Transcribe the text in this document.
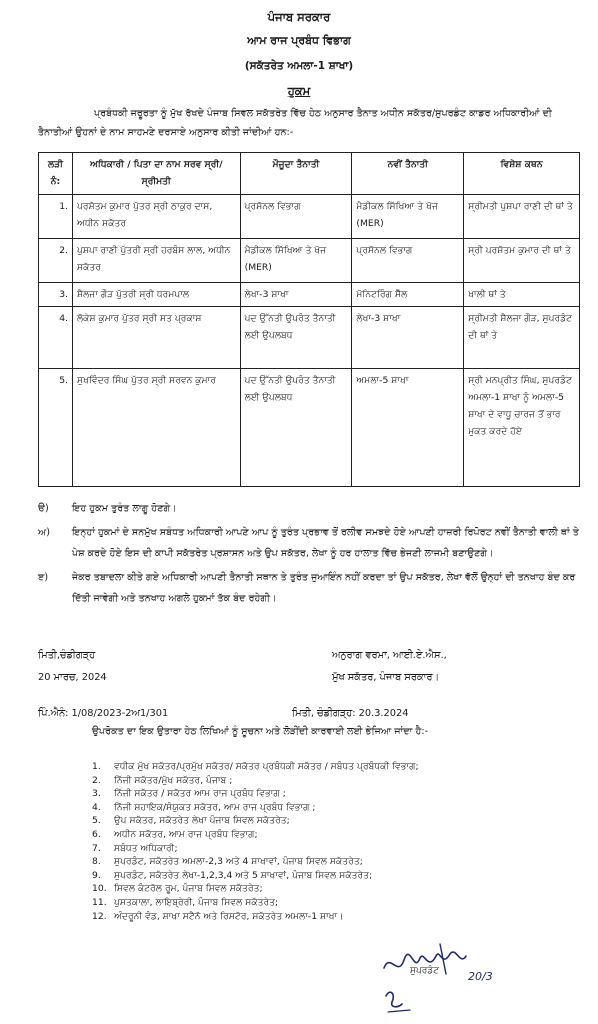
ਪੰਜਾਬ ਸਰਕਾਰ
ਆਮ ਰਾਜ ਪ੍ਰਬੰਧ ਵਿਭਾਗ
(ਸਕੱਤਰੇਤ ਅਮਲਾ-1 ਸ਼ਾਖਾ)
ਹੁਕਮ

ਪ੍ਰਬੰਧਕੀ ਜਰੂਰਤਾ ਨੂੰ ਮੁੱਖ ਰੱਖਦੇ ਪੰਜਾਬ ਸਿਵਲ ਸਕੱਤਰੇਤ ਵਿੱਚ ਹੇਠ ਅਨੁਸਾਰ ਤੈਨਾਤ ਅਧੀਨ ਸਕੱਤਰ/ਸੁਪਰਡੰਟ ਕਾਡਰ ਅਧਿਕਾਰੀਆਂ ਦੀ ਤੈਨਾਤੀਆਂ ਉਹਨਾਂ ਦੇ ਨਾਮ ਸਾਹਮਣੇ ਦਰਸਾਏ ਅਨੁਸਾਰ ਕੀਤੀ ਜਾਂਦੀਆਂ ਹਨ:-

ਲੜੀ ਨੰ:	ਅਧਿਕਾਰੀ / ਪਿਤਾ ਦਾ ਨਾਮ ਸਰਵ ਸ੍ਰੀ/ਸ੍ਰੀਮਤੀ	ਮੌਜੂਦਾ ਤੈਨਾਤੀ	ਨਵੀਂ ਤੈਨਾਤੀ	ਵਿਸ਼ੇਸ਼ ਕਥਨ
1.	ਪਰਸ਼ੋਤਮ ਕੁਮਾਰ ਪੁੱਤਰ ਸ੍ਰੀ ਠਾਕੁਰ ਦਾਸ, ਅਧੀਨ ਸਕੱਤਰ	ਪ੍ਰਸੋਨਲ ਵਿਭਾਗ	ਮੈਡੀਕਲ ਸਿੱਖਿਆ ਤੇ ਖੋਜ (MER)	ਸ੍ਰੀਮਤੀ ਪੁਸ਼ਪਾ ਰਾਣੀ ਦੀ ਥਾਂ ਤੇ
2.	ਪੁਸ਼ਪਾ ਰਾਣੀ ਪੁੱਤਰੀ ਸ੍ਰੀ ਹਰਬੰਸ ਲਾਲ, ਅਧੀਨ ਸਕੱਤਰ	ਮੈਡੀਕਲ ਸਿੱਖਿਆ ਤੇ ਖੋਜ (MER)	ਪ੍ਰਸੋਨਲ ਵਿਭਾਗ	ਸ੍ਰੀ ਪਰਸ਼ੋਤਮ ਕੁਮਾਰ ਦੀ ਥਾਂ ਤੇ
3.	ਸ਼ੈਲਜਾ ਗੌੜ ਪੁੱਤਰੀ ਸ੍ਰੀ ਧਰਮਪਾਲ	ਲੇਖਾ-3 ਸ਼ਾਖਾ	ਮੋਨਿਟਰਿੰਗ ਸੈੱਲ	ਖਾਲੀ ਥਾਂ ਤੇ
4.	ਲੋਕੇਸ਼ ਕੁਮਾਰ ਪੁੱਤਰ ਸ੍ਰੀ ਸਤ ਪ੍ਰਕਾਸ਼	ਪਦ ਉੱਨਤੀ ਉਪਰੰਤ ਤੈਨਾਤੀ ਲਈ ਉਪਲਬਧ	ਲੇਖਾ-3 ਸ਼ਾਖਾ	ਸ੍ਰੀਮਤੀ ਸ਼ੈਲਜਾ ਗੌੜ, ਸੁਪਰਡੰਟ ਦੀ ਥਾਂ ਤੇ
5.	ਸੁਖਵਿੰਦਰ ਸਿੰਘ ਪੁੱਤਰ ਸ੍ਰੀ ਸਰਵਨ ਕੁਮਾਰ	ਪਦ ਉੱਨਤੀ ਉਪਰੰਤ ਤੈਨਾਤੀ ਲਈ ਉਪਲਬਧ	ਅਮਲਾ-5 ਸ਼ਾਖਾ	ਸ੍ਰੀ ਮਨਪ੍ਰੀਤ ਸਿੰਘ, ਸੁਪਰਡੰਟ ਅਮਲਾ-1 ਸ਼ਾਖਾ ਨੂੰ ਅਮਲਾ-5 ਸ਼ਾਖਾ ਦੇ ਵਾਧੂ ਚਾਰਜ ਤੋਂ ਭਾਰ ਮੁਕਤ ਕਰਦੇ ਹੋਏ
ੳ)	ਇਹ ਹੁਕਮ ਤੁਰੰਤ ਲਾਗੂ ਹੋਣਗੇ।
ਅ)	ਇਨ੍ਹਾਂ ਹੁਕਮਾਂ ਦੇ ਸਨਮੁੱਖ ਸਬੰਧਤ ਅਧਿਕਾਰੀ ਆਪਣੇ ਆਪ ਨੂੰ ਤੁਰੰਤ ਪ੍ਰਭਾਵ ਤੋਂ ਰਲੀਵ ਸਮਝਦੇ ਹੋਏ ਆਪਣੀ ਹਾਜ਼ਰੀ ਰਿਪੋਰਟ ਨਵੀਂ ਤੈਨਾਤੀ ਵਾਲੀ ਥਾਂ ਤੇ ਪੇਸ਼ ਕਰਦੇ ਹੋਏ ਇਸ ਦੀ ਕਾਪੀ ਸਕੱਤਰੇਤ ਪ੍ਰਸ਼ਾਸਨ ਅਤੇ ਉਪ ਸਕੱਤਰ, ਲੇਖਾ ਨੂੰ ਹਰ ਹਾਲਾਤ ਵਿੱਚ ਭੇਜਣੀ ਲਾਜਮੀ ਬਣਾਉਣਗੇ।
ੲ)	ਜੇਕਰ ਤਬਾਦਲਾ ਕੀਤੇ ਗਏ ਅਧਿਕਾਰੀ ਆਪਣੀ ਤੈਨਾਤੀ ਸਥਾਨ ਤੇ ਤੁਰੰਤ ਜੁਆਇੰਨ ਨਹੀਂ ਕਰਦਾ ਤਾਂ ਉਪ ਸਕੱਤਰ, ਲੇਖਾ ਵੱਲੋਂ ਉਨ੍ਹਾਂ ਦੀ ਤਨਖਾਹ ਬੰਦ ਕਰ ਦਿੱਤੀ ਜਾਵੇਗੀ ਅਤੇ ਤਨਖਾਹ ਅਗਲੇ ਹੁਕਮਾਂ ਤੱਕ ਬੰਦ ਰਹੇਗੀ।
ਮਿਤੀ,ਚੰਡੀਗੜ੍ਹ
20 ਮਾਰਚ, 2024
ਅਨੁਰਾਗ ਵਰਮਾ, ਆਈ.ਏ.ਐਸ.,
ਮੁੱਖ ਸਕੱਤਰ, ਪੰਜਾਬ ਸਰਕਾਰ।
ਪਿੰ.ਐਨੰ: 1/08/2023-2ਅ1/301	ਮਿਤੀ, ਚੰਡੀਗੜ੍ਹ: 20.3.2024
ਉਪਰੋਕਤ ਦਾ ਇਕ ਉਤਾਰਾ ਹੇਠ ਲਿਖਿਆਂ ਨੂੰ ਸੂਚਨਾ ਅਤੇ ਲੋੜੀਂਦੀ ਕਾਰਵਾਈ ਲਈ ਭੇਜਿਆ ਜਾਂਦਾ ਹੈ:-
1.	ਵਧੀਕ ਮੁੱਖ ਸਕੱਤਰ/ਪ੍ਰਮੁੱਖ ਸਕੱਤਰ/ ਸਕੱਤਰ ਪ੍ਰਬੰਧਕੀ ਸਕੱਤਰ / ਸਬੰਧਤ ਪ੍ਰਬੰਧਕੀ ਵਿਭਾਗ;
2.	ਨਿੱਜੀ ਸਕੱਤਰ/ਮੁੱਖ ਸਕੱਤਰ, ਪੰਜਾਬ ;
3.	ਨਿੱਜੀ ਸਕੱਤਰ / ਸਕੱਤਰ ਆਮ ਰਾਜ ਪ੍ਰਬੰਧ ਵਿਭਾਗ ;
4.	ਨਿੱਜੀ ਸਹਾਇਕ/ਸੰਯੁਕਤ ਸਕੱਤਰ, ਆਮ ਰਾਜ ਪ੍ਰਬੰਧ ਵਿਭਾਗ ;
5.	ਉਪ ਸਕੱਤਰ, ਸਕੱਤਰੇਤ ਲੇਖਾ ਪੰਜਾਬ ਸਿਵਲ ਸਕੱਤਰੇਤ;
6.	ਅਧੀਨ ਸਕੱਤਰ, ਆਮ ਰਾਜ ਪ੍ਰਬੰਧ ਵਿਭਾਗ;
7.	ਸਬੰਧਤ ਅਧਿਕਾਰੀ;
8.	ਸੁਪਰਡੰਟ, ਸਕੱਤਰੇਤ ਅਮਲਾ-2,3 ਅਤੇ 4 ਸ਼ਾਖਾਵਾਂ, ਪੰਜਾਬ ਸਿਵਲ ਸਕੱਤਰੇਤ;
9.	ਸੁਪਰਡੰਟ, ਸਕੱਤਰੇਤ ਲੇਖਾ-1,2,3,4 ਅਤੇ 5 ਸ਼ਾਖਾਵਾਂ, ਪੰਜਾਬ ਸਿਵਲ ਸਕੱਤਰੇਤ;
10. ਸਿਵਲ ਕੰਟਰੋਲ ਰੂਮ, ਪੰਜਾਬ ਸਿਵਲ ਸਕੱਤਰੇਤ;
11. ਪੁਸਤਕਾਲਾ, ਲਾਇਬ੍ਰੇਰੀ, ਪੰਜਾਬ ਸਿਵਲ ਸਕੱਤਰੇਤ;
12. ਅੰਦਰੂਨੀ ਵੰਡ, ਸ਼ਾਖਾ ਸਟੈਨੋ ਅਤੇ ਰਿਸਟੋਰ, ਸਕੱਤਰੇਤ ਅਮਲਾ-1 ਸ਼ਾਖਾ।
20/3
ਸੁਪਰਡੰਟ
